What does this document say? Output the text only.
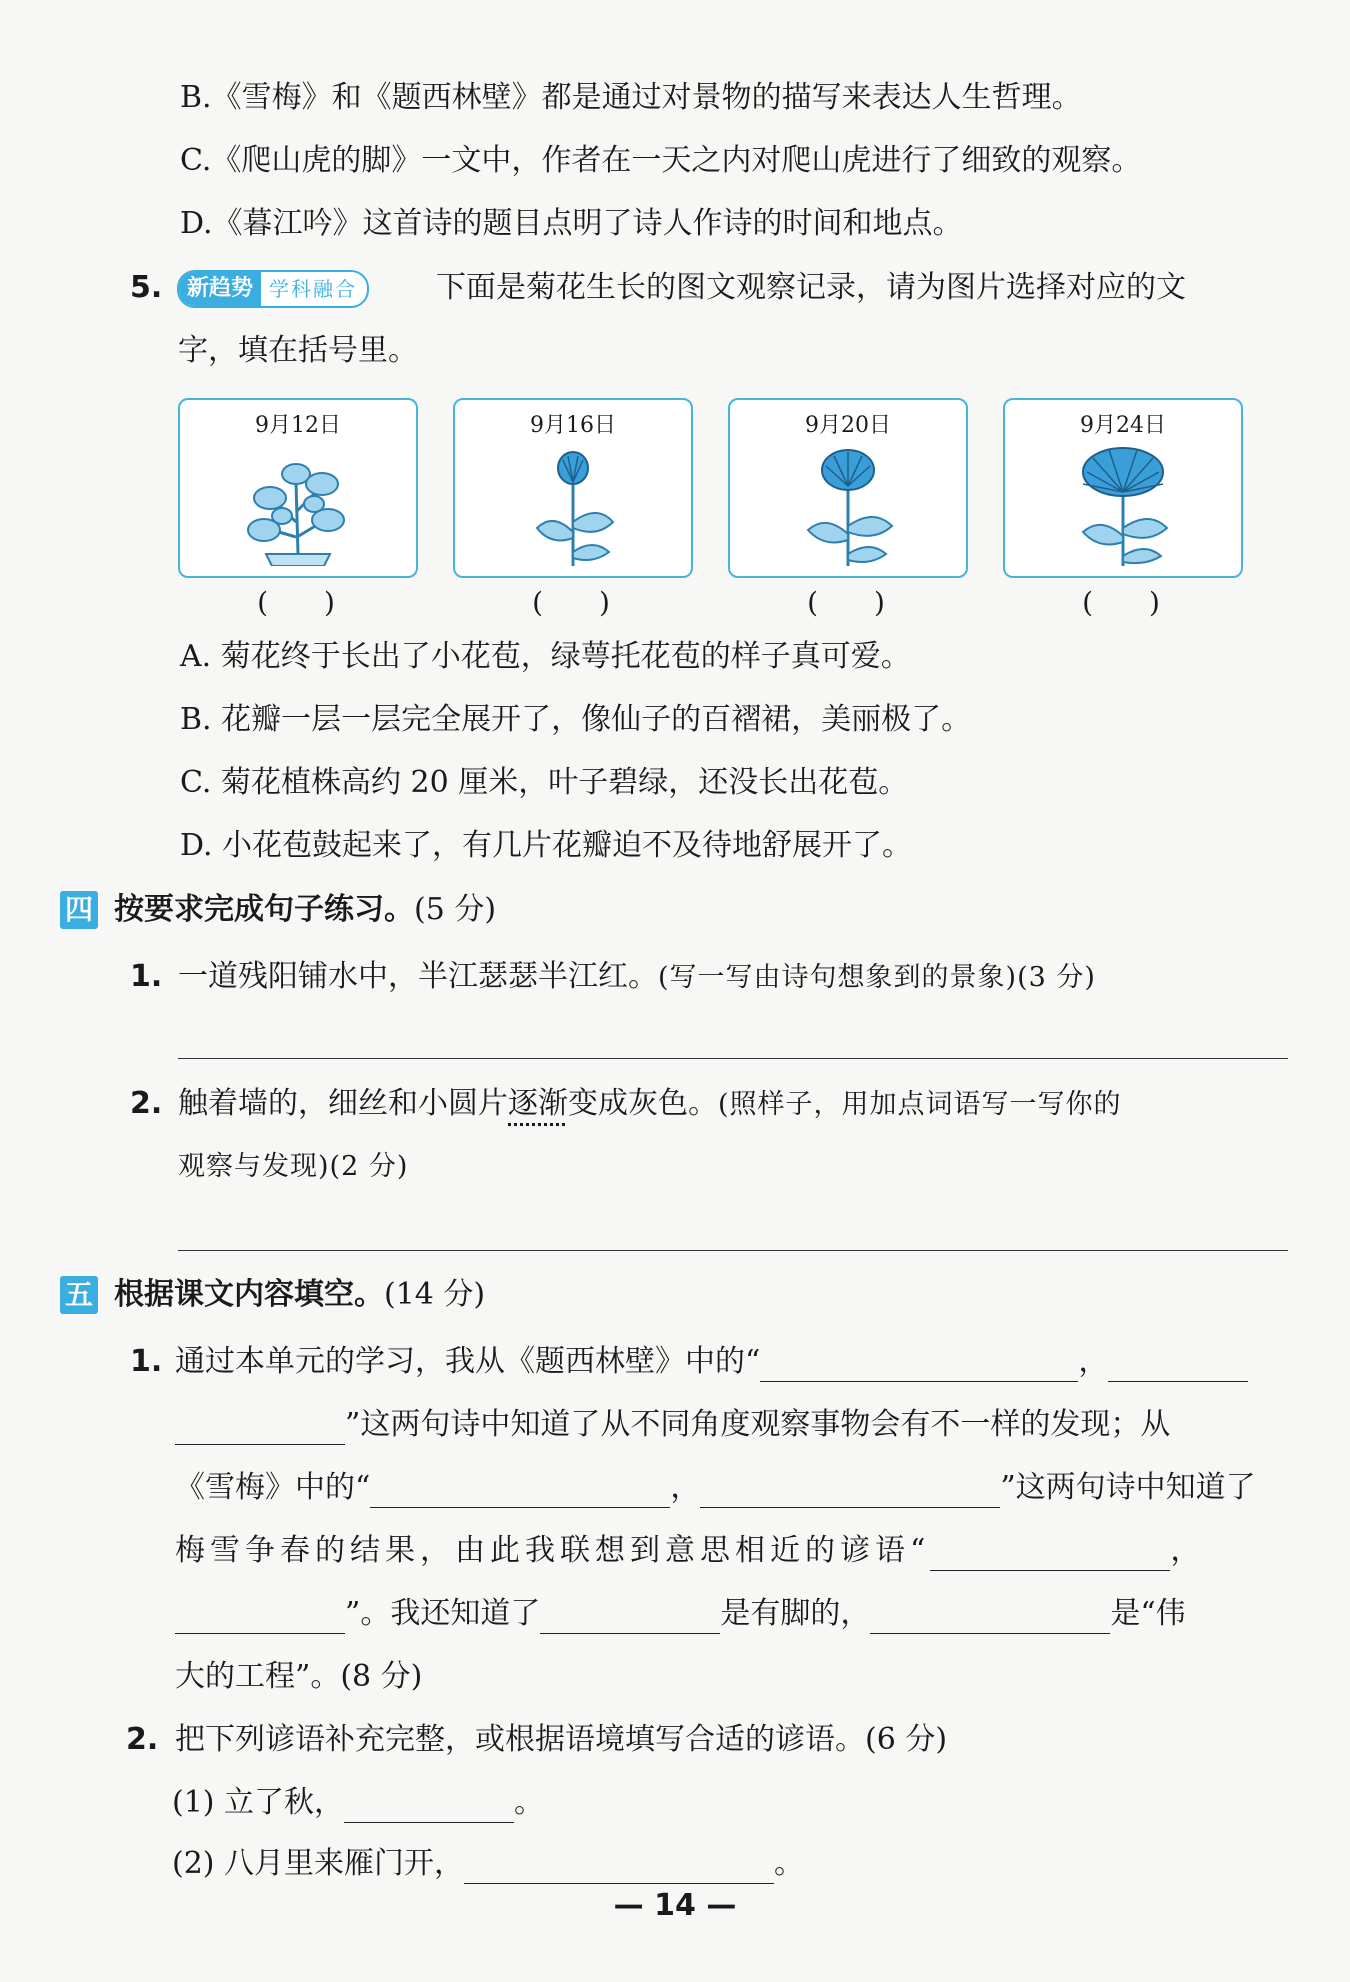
B.《雪梅》和《题西林壁》都是通过对景物的描写来表达人生哲理。
C.《爬山虎的脚》一文中，作者在一天之内对爬山虎进行了细致的观察。
D.《暮江吟》这首诗的题目点明了诗人作诗的时间和地点。
5.	新趋势 学科融合	下面是菊花生长的图文观察记录，请为图片选择对应的文
字，填在括号里。
9月12日	9月16日	9月20日	9月24日
(　　)	(　　)	(　　)	(　　)
A. 菊花终于长出了小花苞，绿萼托花苞的样子真可爱。
B. 花瓣一层一层完全展开了，像仙子的百褶裙，美丽极了。
C. 菊花植株高约 20 厘米，叶子碧绿，还没长出花苞。
D. 小花苞鼓起来了，有几片花瓣迫不及待地舒展开了。
四 按要求完成句子练习。(5 分)
1. 一道残阳铺水中，半江瑟瑟半江红。(写一写由诗句想象到的景象)(3 分)
2. 触着墙的，细丝和小圆片逐渐变成灰色。(照样子，用加点词语写一写你的
观察与发现)(2 分)
五 根据课文内容填空。(14 分)
1. 通过本单元的学习，我从《题西林壁》中的“	，
”这两句诗中知道了从不同角度观察事物会有不一样的发现；从
《雪梅》中的“	，	”这两句诗中知道了
梅雪争春的结果，由此我联想到意思相近的谚语“	，
”。我还知道了	是有脚的，	是“伟
大的工程”。(8 分)
2. 把下列谚语补充完整，或根据语境填写合适的谚语。(6 分)
(1) 立了秋，	。
(2) 八月里来雁门开，	。
— 14 —
